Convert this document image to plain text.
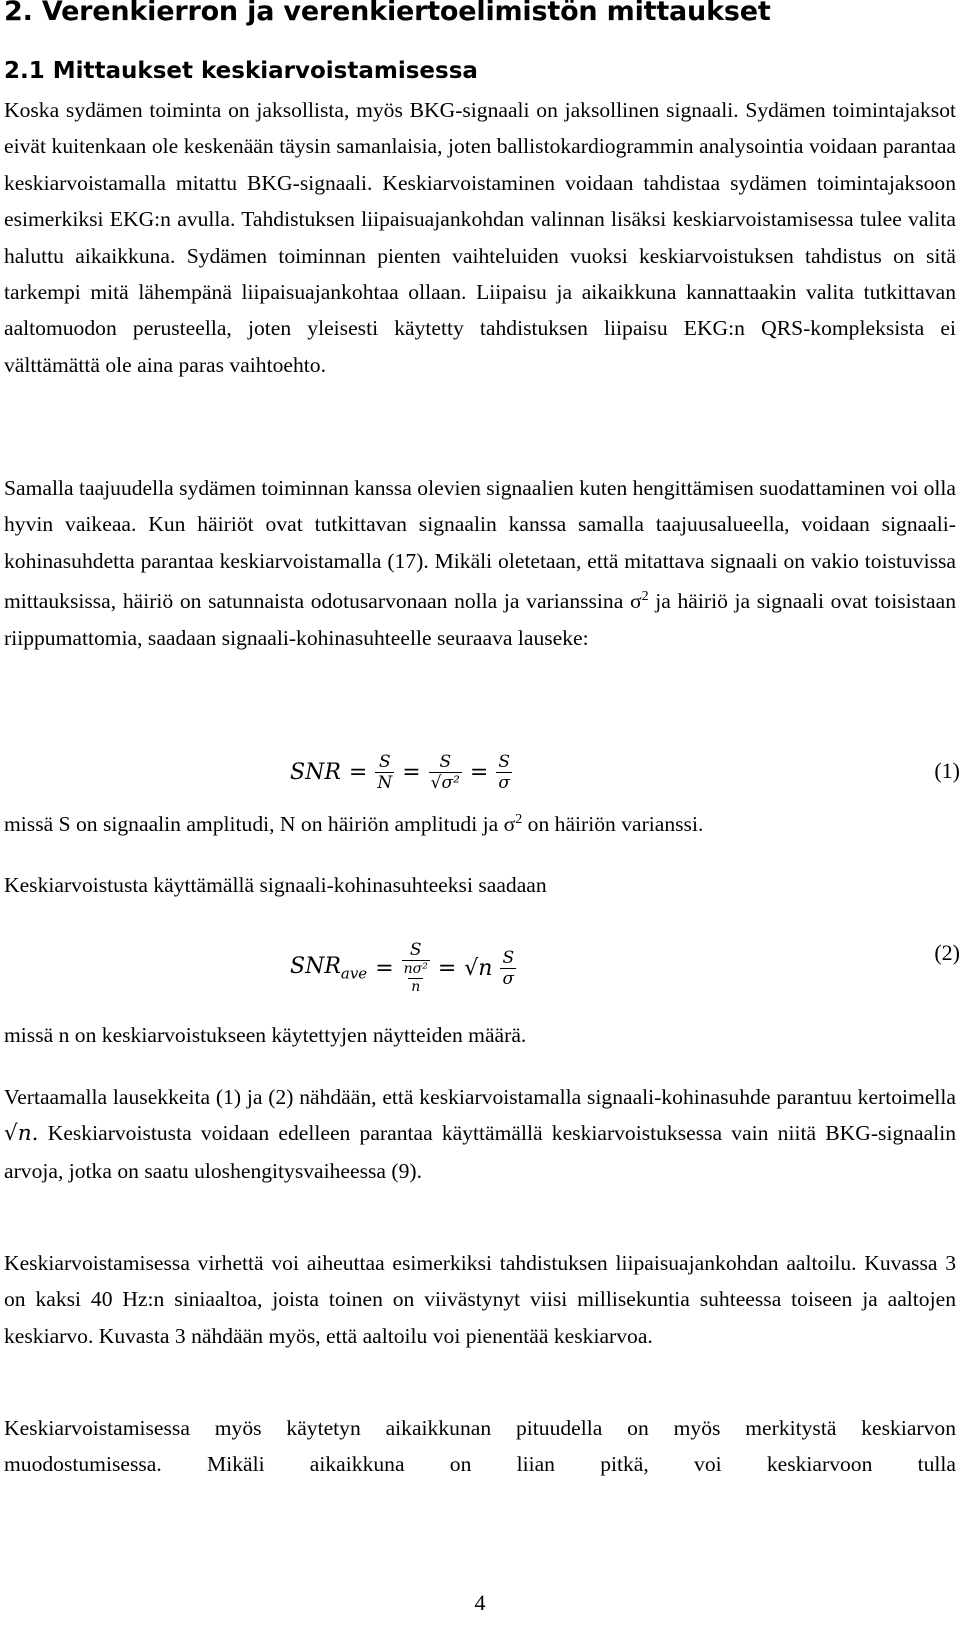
2. Verenkierron ja verenkiertoelimistön mittaukset
2.1 Mittaukset keskiarvoistamisessa
Koska sydämen toiminta on jaksollista, myös BKG-signaali on jaksollinen signaali. Sydämen toimintajaksot eivät kuitenkaan ole keskenään täysin samanlaisia, joten ballistokardiogrammin analysointia voidaan parantaa keskiarvoistamalla mitattu BKG-signaali. Keskiarvoistaminen voidaan tahdistaa sydämen toimintajaksoon esimerkiksi EKG:n avulla. Tahdistuksen liipaisuajankohdan valinnan lisäksi keskiarvoistamisessa tulee valita haluttu aikaikkuna. Sydämen toiminnan pienten vaihteluiden vuoksi keskiarvoistuksen tahdistus on sitä tarkempi mitä lähempänä liipaisuajankohtaa ollaan. Liipaisu ja aikaikkuna kannattaakin valita tutkittavan aaltomuodon perusteella, joten yleisesti käytetty tahdistuksen liipaisu EKG:n QRS-kompleksista ei välttämättä ole aina paras vaihtoehto.
Samalla taajuudella sydämen toiminnan kanssa olevien signaalien kuten hengittämisen suodattaminen voi olla hyvin vaikeaa. Kun häiriöt ovat tutkittavan signaalin kanssa samalla taajuusalueella, voidaan signaali-kohinasuhdetta parantaa keskiarvoistamalla (17). Mikäli oletetaan, että mitattava signaali on vakio toistuvissa mittauksissa, häiriö on satunnaista odotusarvonaan nolla ja varianssina $\sigma^2$ ja häiriö ja signaali ovat toisistaan riippumattomia, saadaan signaali-kohinasuhteelle seuraava lauseke:
SNR = $\frac{S}{N} = \frac{S}{\text{√σ²}} = \frac{S}{\sigma}$	(1)
missä S on signaalin amplitudi, N on häiriön amplitudi ja $\sigma^2$ on häiriön varianssi.
Keskiarvoistusta käyttämällä signaali-kohinasuhteeksi saadaan
$SNR_{ave} = S$
nσ²
$n = √n \frac{S}{\sigma}$	(2)
missä n on keskiarvoistukseen käytettyjen näytteiden määrä.
Vertaamalla lausekkeita (1) ja (2) nähdään, että keskiarvoistamalla signaali-kohinasuhde parantuu kertoimella √n. Keskiarvoistusta voidaan edelleen parantaa käyttämällä keskiarvoistuksessa vain niitä BKG-signaalin arvoja, jotka on saatu uloshengitysvaiheessa (9).
Keskiarvoistamisessa virhettä voi aiheuttaa esimerkiksi tahdistuksen liipaisuajankohdan aaltoilu. Kuvassa 3 on kaksi 40 Hz:n siniaaltoa, joista toinen on viivästynyt viisi millisekuntia suhteessa toiseen ja aaltojen keskiarvo. Kuvasta 3 nähdään myös, että aaltoilu voi pienentää keskiarvoa.
Keskiarvoistamisessa myös käytetyn aikaikkunan pituudella on myös merkitystä keskiarvon muodostumisessa. Mikäli aikaikkuna on liian pitkä, voi keskiarvoon tulla
4
